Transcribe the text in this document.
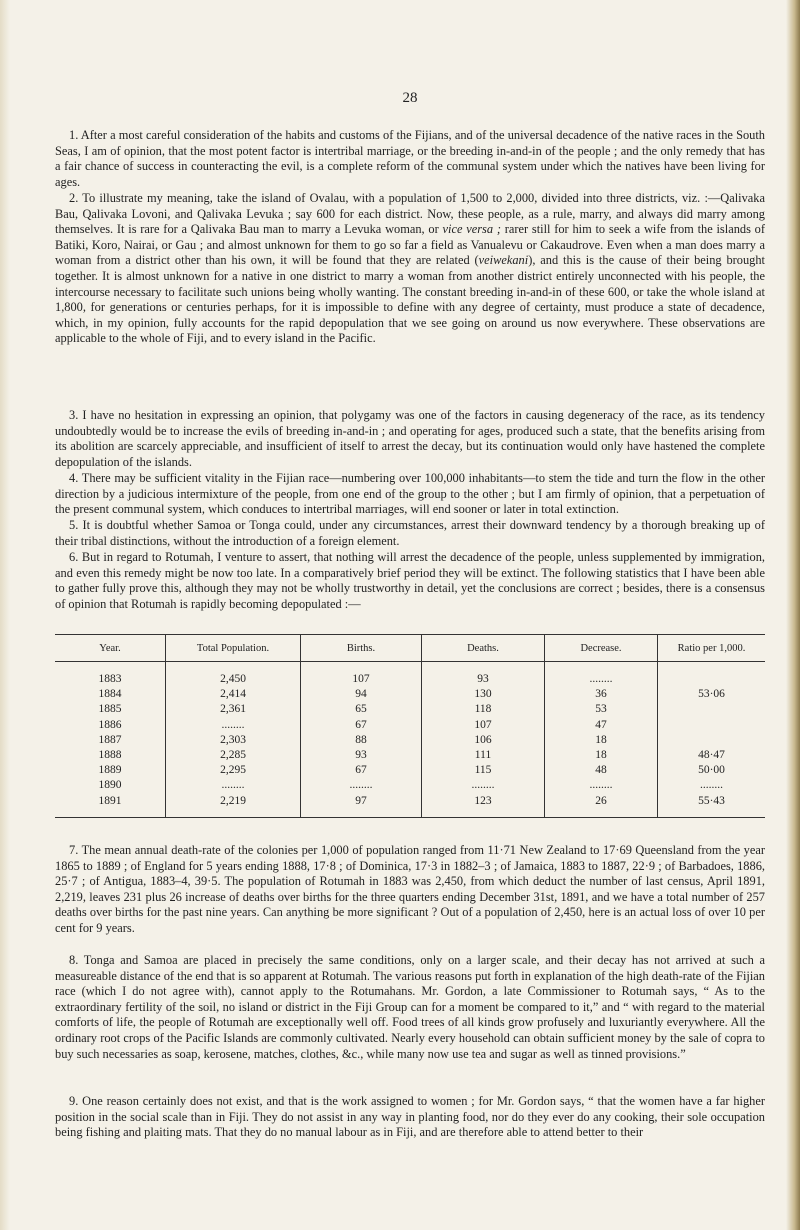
28

1. After a most careful consideration of the habits and customs of the Fijians, and of the universal decadence of the native races in the South Seas, I am of opinion, that the most potent factor is intertribal marriage, or the breeding in-and-in of the people ; and the only remedy that has a fair chance of success in counteracting the evil, is a complete reform of the communal system under which the natives have been living for ages.

2. To illustrate my meaning, take the island of Ovalau, with a population of 1,500 to 2,000, divided into three districts, viz. :—Qalivaka Bau, Qalivaka Lovoni, and Qalivaka Levuka ; say 600 for each district. Now, these people, as a rule, marry, and always did marry among themselves. It is rare for a Qalivaka Bau man to marry a Levuka woman, or vice versa ; rarer still for him to seek a wife from the islands of Batiki, Koro, Nairai, or Gau ; and almost unknown for them to go so far a field as Vanualevu or Cakaudrove. Even when a man does marry a woman from a district other than his own, it will be found that they are related (veiwekani), and this is the cause of their being brought together. It is almost unknown for a native in one district to marry a woman from another district entirely unconnected with his people, the intercourse necessary to facilitate such unions being wholly wanting. The constant breeding in-and-in of these 600, or take the whole island at 1,800, for generations or centuries perhaps, for it is impossible to define with any degree of certainty, must produce a state of decadence, which, in my opinion, fully accounts for the rapid depopulation that we see going on around us now everywhere. These observations are applicable to the whole of Fiji, and to every island in the Pacific.

3. I have no hesitation in expressing an opinion, that polygamy was one of the factors in causing degeneracy of the race, as its tendency undoubtedly would be to increase the evils of breeding in-and-in ; and operating for ages, produced such a state, that the benefits arising from its abolition are scarcely appreciable, and insufficient of itself to arrest the decay, but its continuation would only have hastened the complete depopulation of the islands.

4. There may be sufficient vitality in the Fijian race—numbering over 100,000 inhabitants—to stem the tide and turn the flow in the other direction by a judicious intermixture of the people, from one end of the group to the other ; but I am firmly of opinion, that a perpetuation of the present communal system, which conduces to intertribal marriages, will end sooner or later in total extinction.

5. It is doubtful whether Samoa or Tonga could, under any circumstances, arrest their downward tendency by a thorough breaking up of their tribal distinctions, without the introduction of a foreign element.

6. But in regard to Rotumah, I venture to assert, that nothing will arrest the decadence of the people, unless supplemented by immigration, and even this remedy might be now too late. In a comparatively brief period they will be extinct. The following statistics that I have been able to gather fully prove this, although they may not be wholly trustworthy in detail, yet the conclusions are correct ; besides, there is a consensus of opinion that Rotumah is rapidly becoming depopulated :—

Year.	Total Population.	Births.	Deaths.	Decrease.	Ratio per 1,000.
1883	2,450	107	93	........	
1884	2,414	94	130	36	53·06
1885	2,361	65	118	53	
1886	........	67	107	47	
1887	2,303	88	106	18	
1888	2,285	93	111	18	48·47
1889	2,295	67	115	48	50·00
1890	........	........	........	........	........
1891	2,219	97	123	26	55·43

7. The mean annual death-rate of the colonies per 1,000 of population ranged from 11·71 New Zealand to 17·69 Queensland from the year 1865 to 1889 ; of England for 5 years ending 1888, 17·8 ; of Dominica, 17·3 in 1882–3 ; of Jamaica, 1883 to 1887, 22·9 ; of Barbadoes, 1886, 25·7 ; of Antigua, 1883–4, 39·5. The population of Rotumah in 1883 was 2,450, from which deduct the number of last census, April 1891, 2,219, leaves 231 plus 26 increase of deaths over births for the three quarters ending December 31st, 1891, and we have a total number of 257 deaths over births for the past nine years. Can anything be more significant ? Out of a population of 2,450, here is an actual loss of over 10 per cent for 9 years.

8. Tonga and Samoa are placed in precisely the same conditions, only on a larger scale, and their decay has not arrived at such a measureable distance of the end that is so apparent at Rotumah. The various reasons put forth in explanation of the high death-rate of the Fijian race (which I do not agree with), cannot apply to the Rotumahans. Mr. Gordon, a late Commissioner to Rotumah says, “ As to the extraordinary fertility of the soil, no island or district in the Fiji Group can for a moment be compared to it,” and “ with regard to the material comforts of life, the people of Rotumah are exceptionally well off. Food trees of all kinds grow profusely and luxuriantly everywhere. All the ordinary root crops of the Pacific Islands are commonly cultivated. Nearly every household can obtain sufficient money by the sale of copra to buy such necessaries as soap, kerosene, matches, clothes, &c., while many now use tea and sugar as well as tinned provisions.”

9. One reason certainly does not exist, and that is the work assigned to women ; for Mr. Gordon says, “ that the women have a far higher position in the social scale than in Fiji. They do not assist in any way in planting food, nor do they ever do any cooking, their sole occupation being fishing and plaiting mats. That they do no manual labour as in Fiji, and are therefore able to attend better to their
